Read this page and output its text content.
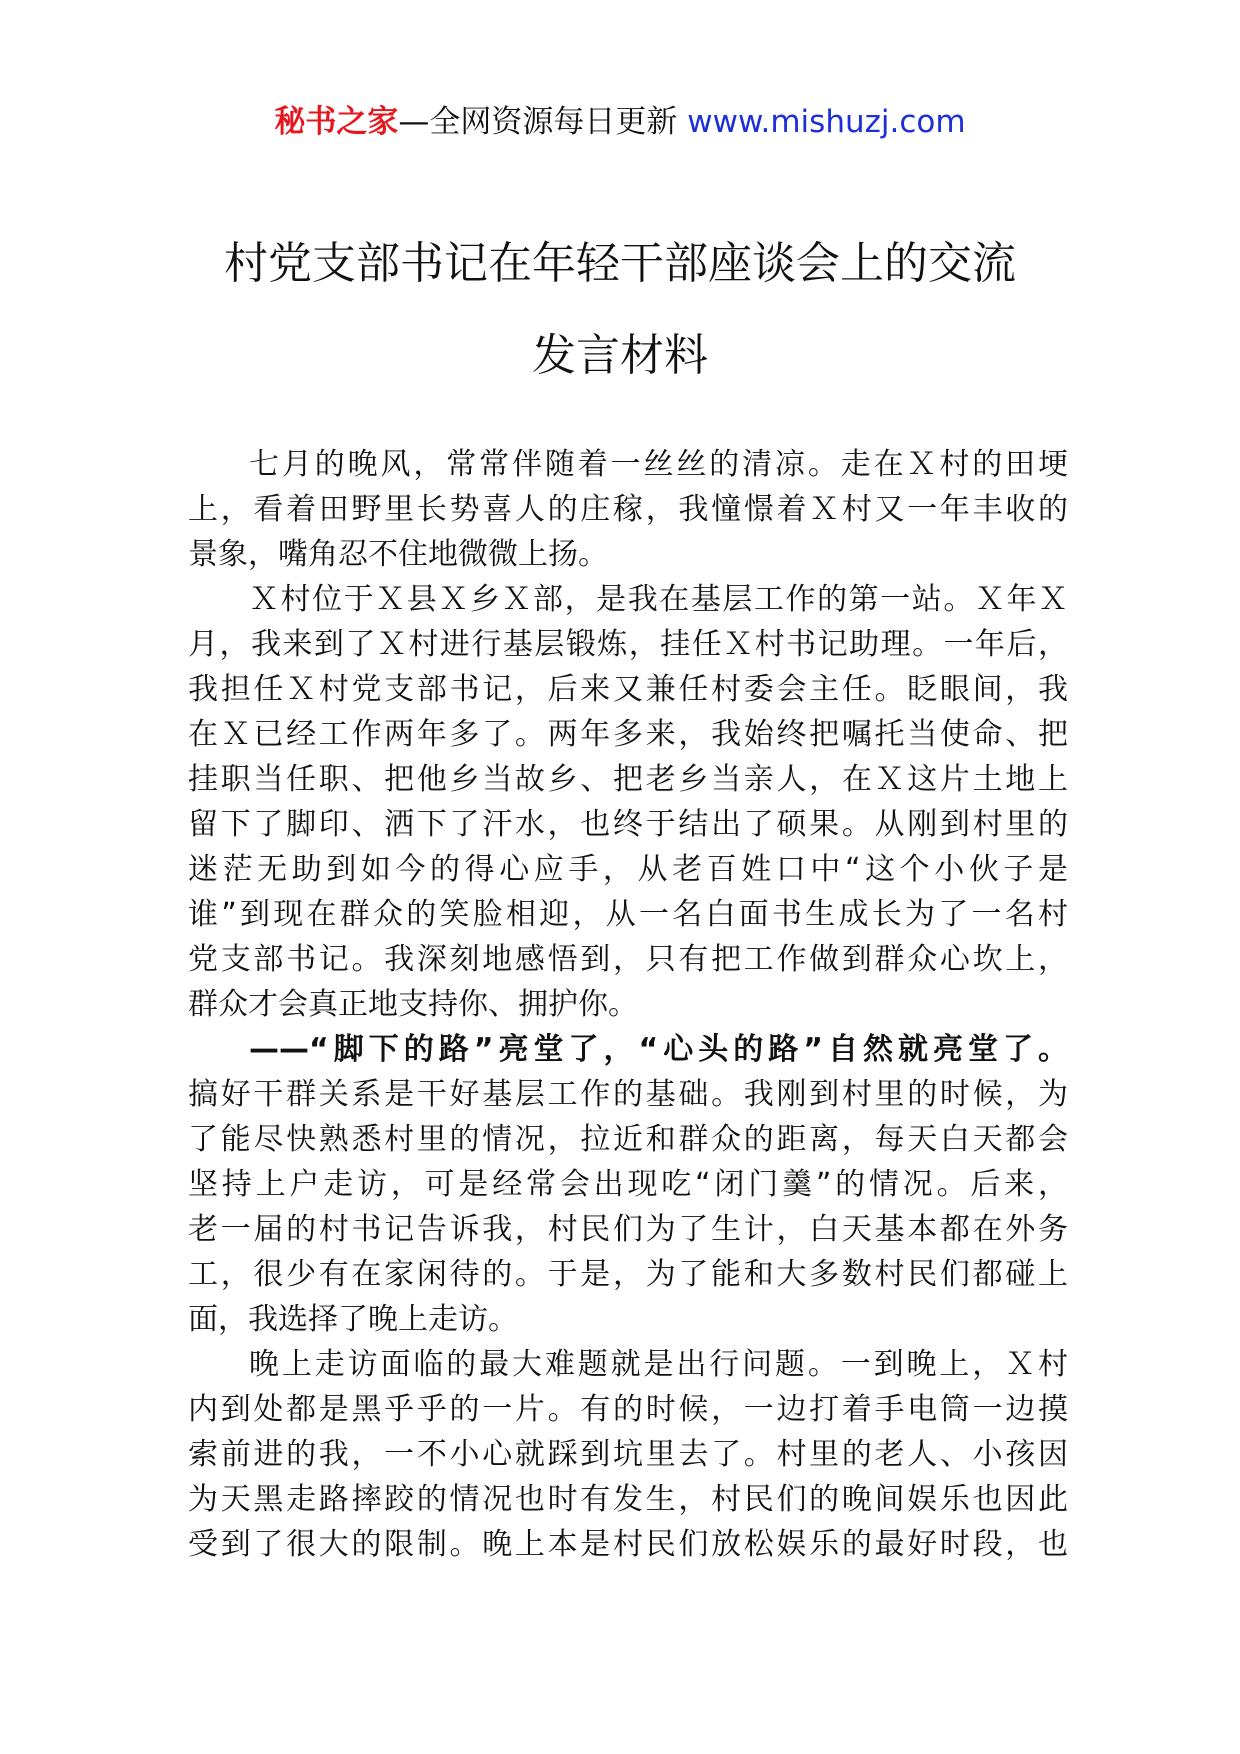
秘书之家—全网资源每日更新 www.mishuzj.com
村党支部书记在年轻干部座谈会上的交流
发言材料
七月的晚风，常常伴随着一丝丝的清凉。走在Ｘ村的田埂
上，看着田野里长势喜人的庄稼，我憧憬着Ｘ村又一年丰收的
景象，嘴角忍不住地微微上扬。
Ｘ村位于Ｘ县Ｘ乡Ｘ部，是我在基层工作的第一站。Ｘ年Ｘ
月，我来到了Ｘ村进行基层锻炼，挂任Ｘ村书记助理。一年后，
我担任Ｘ村党支部书记，后来又兼任村委会主任。眨眼间，我
在Ｘ已经工作两年多了。两年多来，我始终把嘱托当使命、把
挂职当任职、把他乡当故乡、把老乡当亲人，在Ｘ这片土地上
留下了脚印、洒下了汗水，也终于结出了硕果。从刚到村里的
迷茫无助到如今的得心应手，从老百姓口中“这个小伙子是
谁”到现在群众的笑脸相迎，从一名白面书生成长为了一名村
党支部书记。我深刻地感悟到，只有把工作做到群众心坎上，
群众才会真正地支持你、拥护你。
——“脚下的路”亮堂了，“心头的路”自然就亮堂了。
搞好干群关系是干好基层工作的基础。我刚到村里的时候，为
了能尽快熟悉村里的情况，拉近和群众的距离，每天白天都会
坚持上户走访，可是经常会出现吃“闭门羹”的情况。后来，
老一届的村书记告诉我，村民们为了生计，白天基本都在外务
工，很少有在家闲待的。于是，为了能和大多数村民们都碰上
面，我选择了晚上走访。
晚上走访面临的最大难题就是出行问题。一到晚上，Ｘ村
内到处都是黑乎乎的一片。有的时候，一边打着手电筒一边摸
索前进的我，一不小心就踩到坑里去了。村里的老人、小孩因
为天黑走路摔跤的情况也时有发生，村民们的晚间娱乐也因此
受到了很大的限制。晚上本是村民们放松娱乐的最好时段，也
